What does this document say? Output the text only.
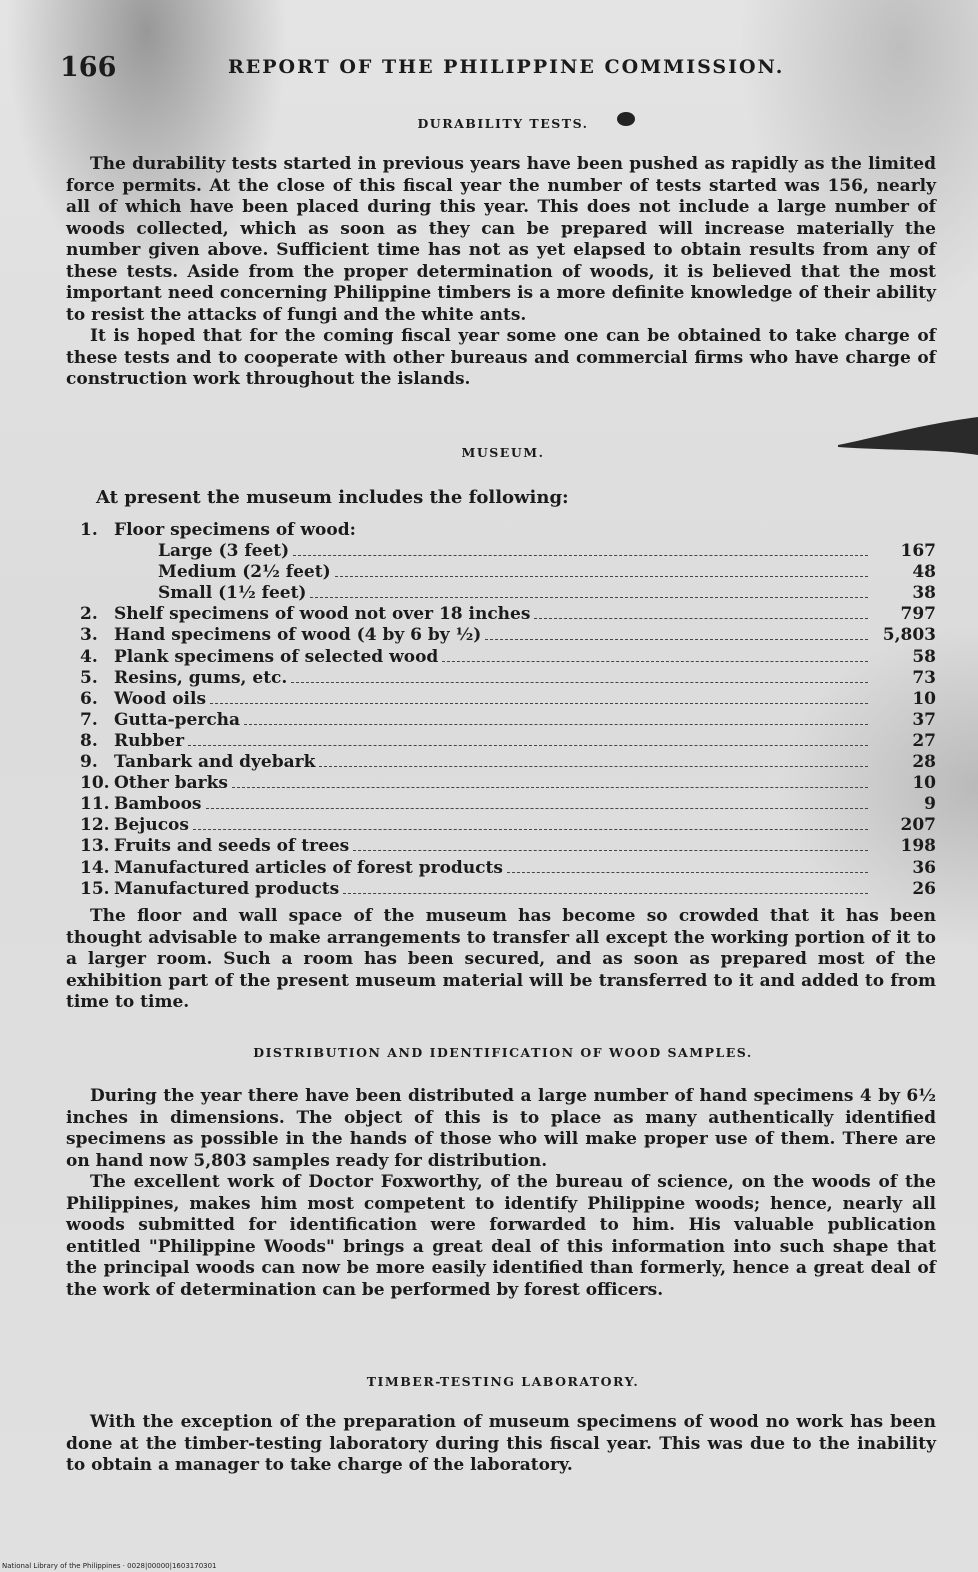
166	REPORT OF THE PHILIPPINE COMMISSION.
DURABILITY TESTS.

The durability tests started in previous years have been pushed as rapidly as the limited force permits. At the close of this fiscal year the number of tests started was 156, nearly all of which have been placed during this year. This does not include a large number of woods collected, which as soon as they can be prepared will increase materially the number given above. Sufficient time has not as yet elapsed to obtain results from any of these tests. Aside from the proper determination of woods, it is believed that the most important need concerning Philippine timbers is a more definite knowledge of their ability to resist the attacks of fungi and the white ants.

It is hoped that for the coming fiscal year some one can be obtained to take charge of these tests and to cooperate with other bureaus and commercial firms who have charge of construction work throughout the islands.

MUSEUM.
At present the museum includes the following:
1. Floor specimens of wood:
Large (3 feet)	167
Medium (2½ feet)	48
Small (1½ feet)	38
2. Shelf specimens of wood not over 18 inches	797
3. Hand specimens of wood (4 by 6 by ½)	5,803
4. Plank specimens of selected wood	58
5. Resins, gums, etc.	73
6. Wood oils	10
7. Gutta-percha	37
8. Rubber	27
9. Tanbark and dyebark	28
10. Other barks	10
11. Bamboos	9
12. Bejucos	207
13. Fruits and seeds of trees	198
14. Manufactured articles of forest products	36
15. Manufactured products	26

The floor and wall space of the museum has become so crowded that it has been thought advisable to make arrangements to transfer all except the working portion of it to a larger room. Such a room has been secured, and as soon as prepared most of the exhibition part of the present museum material will be transferred to it and added to from time to time.

DISTRIBUTION AND IDENTIFICATION OF WOOD SAMPLES.

During the year there have been distributed a large number of hand specimens 4 by 6½ inches in dimensions. The object of this is to place as many authentically identified specimens as possible in the hands of those who will make proper use of them. There are on hand now 5,803 samples ready for distribution.

The excellent work of Doctor Foxworthy, of the bureau of science, on the woods of the Philippines, makes him most competent to identify Philippine woods; hence, nearly all woods submitted for identification were forwarded to him. His valuable publication entitled "Philippine Woods" brings a great deal of this information into such shape that the principal woods can now be more easily identified than formerly, hence a great deal of the work of determination can be performed by forest officers.

TIMBER-TESTING LABORATORY.

With the exception of the preparation of museum specimens of wood no work has been done at the timber-testing laboratory during this fiscal year. This was due to the inability to obtain a manager to take charge of the laboratory.

National Library of the Philippines · 0028|00000|1603170301
